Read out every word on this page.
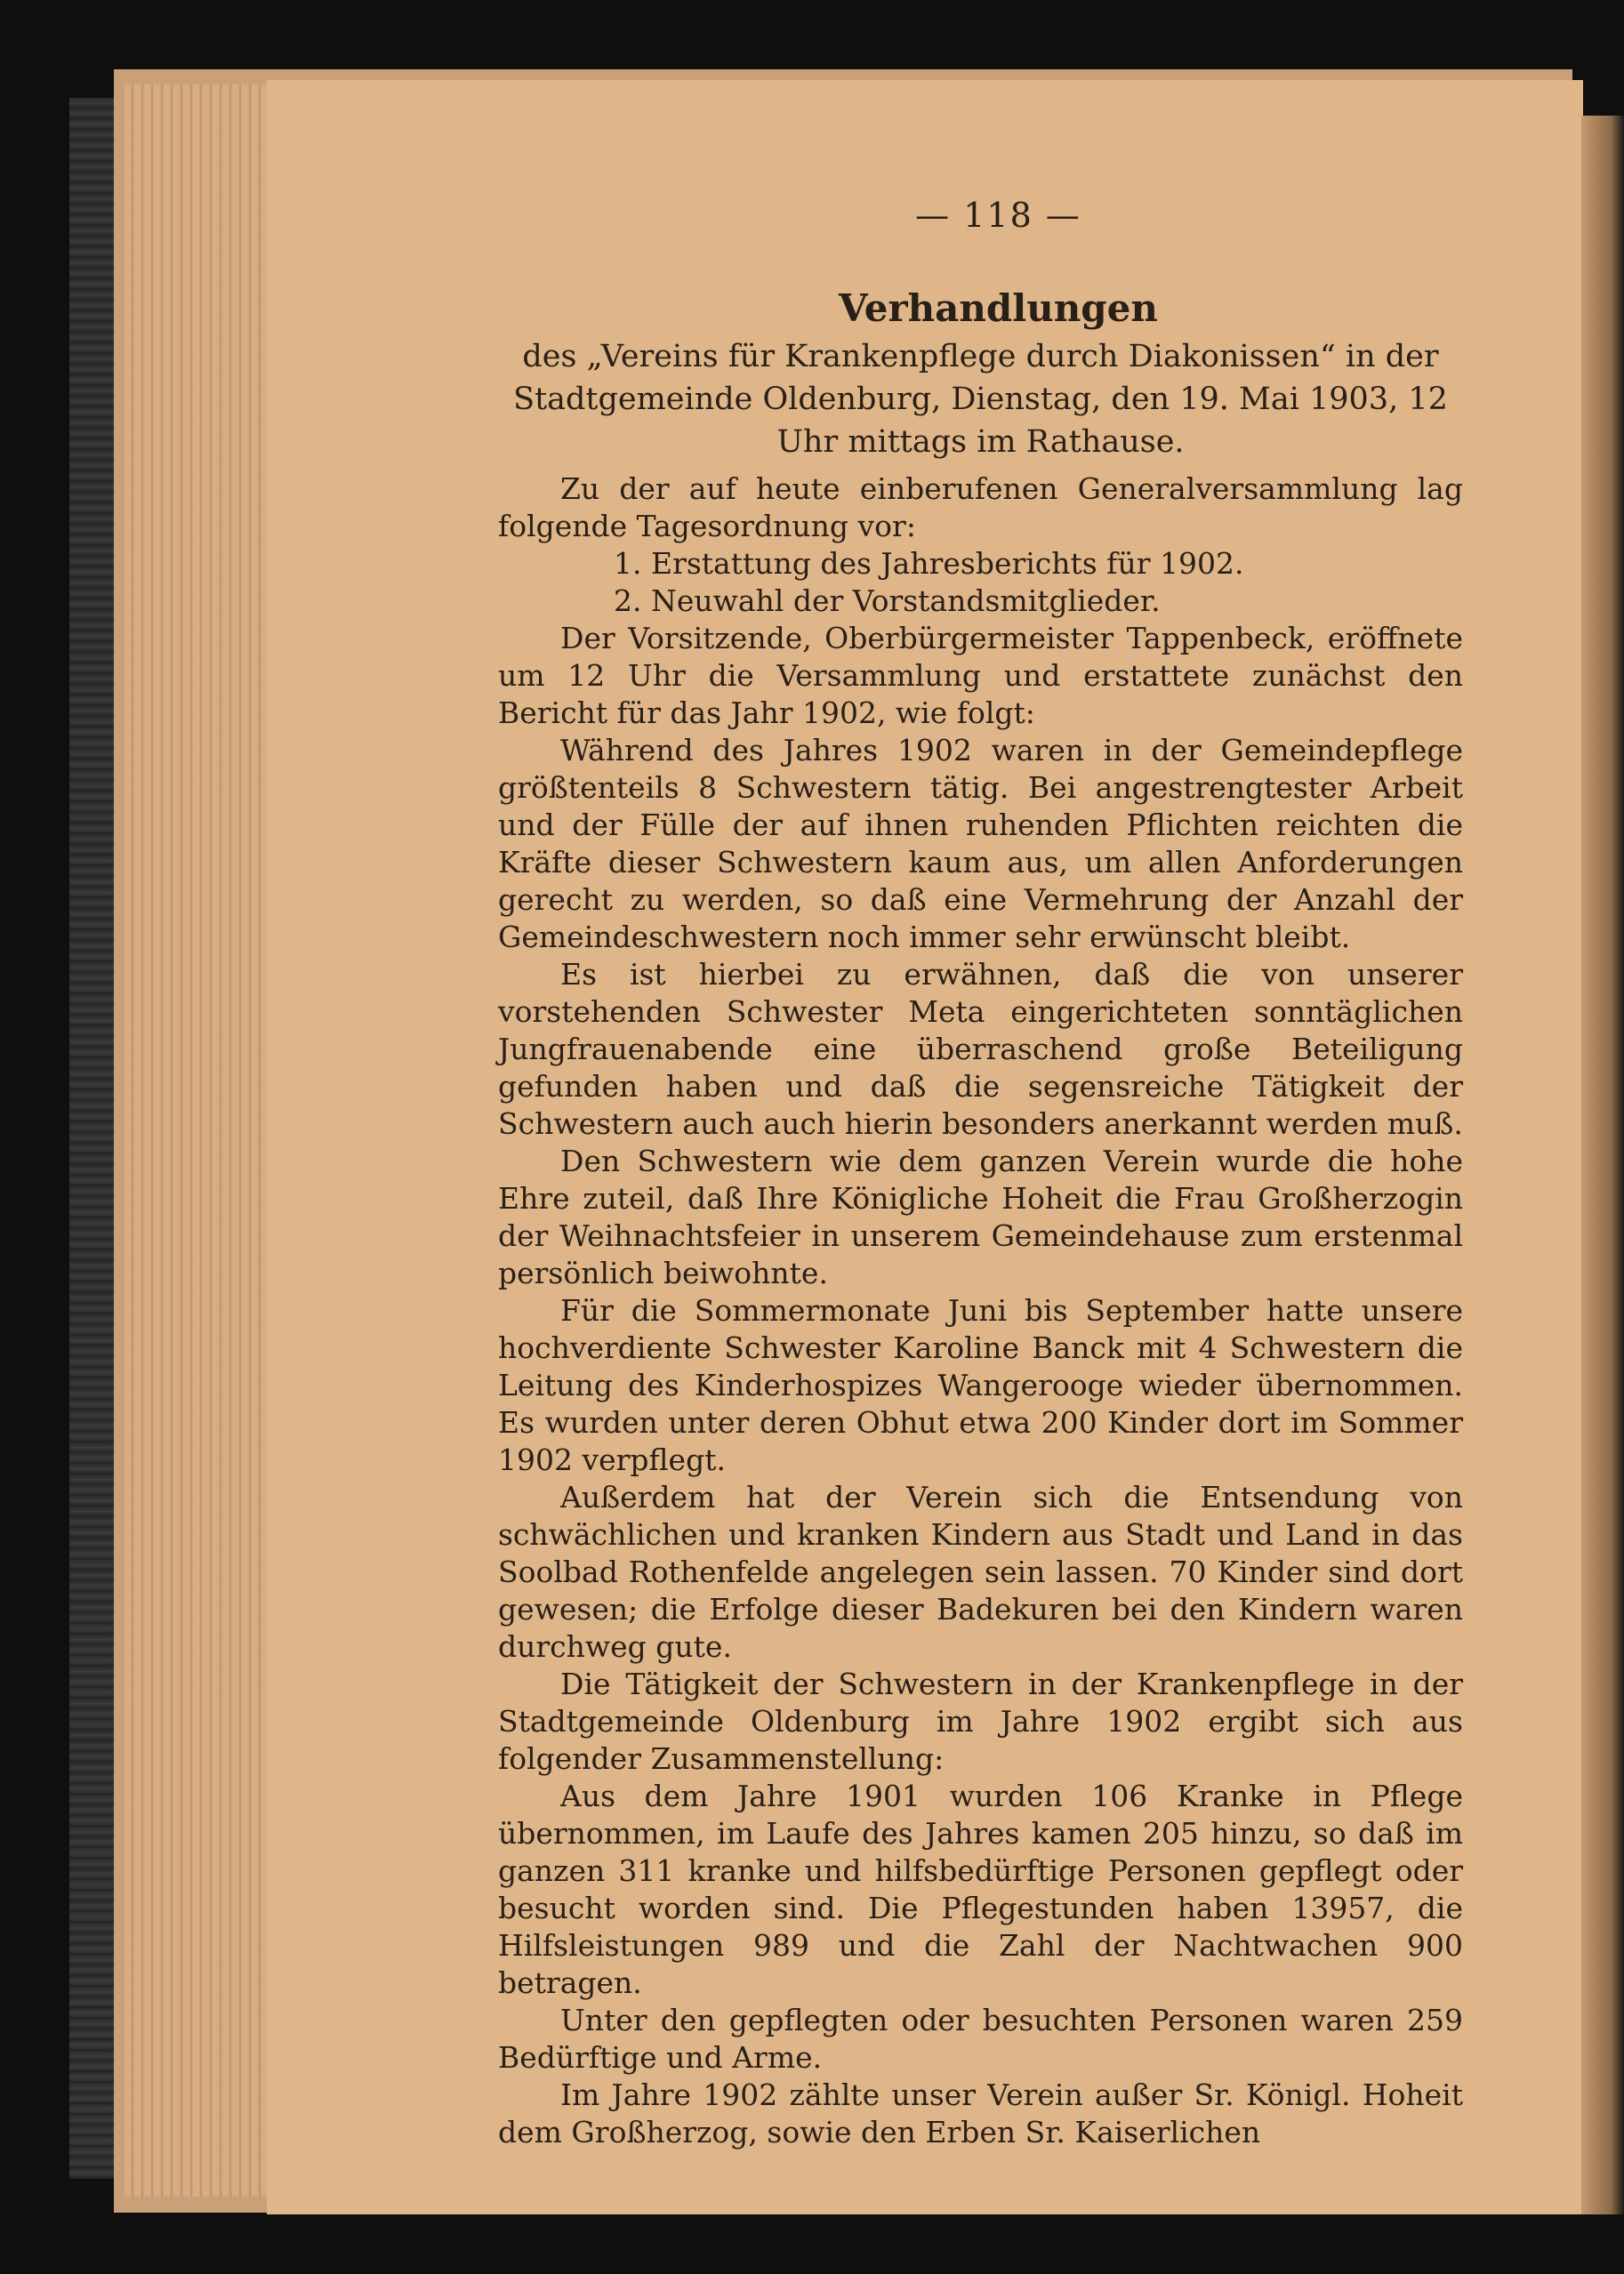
— 118 —
Verhandlungen
des „Vereins für Krankenpflege durch Diakonissen“ in der Stadtgemeinde Oldenburg, Dienstag, den 19. Mai 1903, 12 Uhr mittags im Rathause.

Zu der auf heute einberufenen Generalversammlung lag folgende Tagesordnung vor:

1. Erstattung des Jahresberichts für 1902.
2. Neuwahl der Vorstandsmitglieder.

Der Vorsitzende, Oberbürgermeister Tappenbeck, eröffnete um 12 Uhr die Versammlung und erstattete zunächst den Bericht für das Jahr 1902, wie folgt:

Während des Jahres 1902 waren in der Gemeindepflege größtenteils 8 Schwestern tätig. Bei angestrengtester Arbeit und der Fülle der auf ihnen ruhenden Pflichten reichten die Kräfte dieser Schwestern kaum aus, um allen Anforderungen gerecht zu werden, so daß eine Vermehrung der Anzahl der Gemeindeschwestern noch immer sehr erwünscht bleibt.

Es ist hierbei zu erwähnen, daß die von unserer vorstehenden Schwester Meta eingerichteten sonntäglichen Jungfrauenabende eine überraschend große Beteiligung gefunden haben und daß die segensreiche Tätigkeit der Schwestern auch auch hierin besonders anerkannt werden muß.

Den Schwestern wie dem ganzen Verein wurde die hohe Ehre zuteil, daß Ihre Königliche Hoheit die Frau Großherzogin der Weihnachtsfeier in unserem Gemeindehause zum erstenmal persönlich beiwohnte.

Für die Sommermonate Juni bis September hatte unsere hochverdiente Schwester Karoline Banck mit 4 Schwestern die Leitung des Kinderhospizes Wangerooge wieder übernommen. Es wurden unter deren Obhut etwa 200 Kinder dort im Sommer 1902 verpflegt.

Außerdem hat der Verein sich die Entsendung von schwächlichen und kranken Kindern aus Stadt und Land in das Soolbad Rothenfelde angelegen sein lassen. 70 Kinder sind dort gewesen; die Erfolge dieser Badekuren bei den Kindern waren durchweg gute.

Die Tätigkeit der Schwestern in der Krankenpflege in der Stadtgemeinde Oldenburg im Jahre 1902 ergibt sich aus folgender Zusammenstellung:

Aus dem Jahre 1901 wurden 106 Kranke in Pflege übernommen, im Laufe des Jahres kamen 205 hinzu, so daß im ganzen 311 kranke und hilfsbedürftige Personen gepflegt oder besucht worden sind. Die Pflegestunden haben 13957, die Hilfsleistungen 989 und die Zahl der Nachtwachen 900 betragen.

Unter den gepflegten oder besuchten Personen waren 259 Bedürftige und Arme.

Im Jahre 1902 zählte unser Verein außer Sr. Königl. Hoheit dem Großherzog, sowie den Erben Sr. Kaiserlichen
